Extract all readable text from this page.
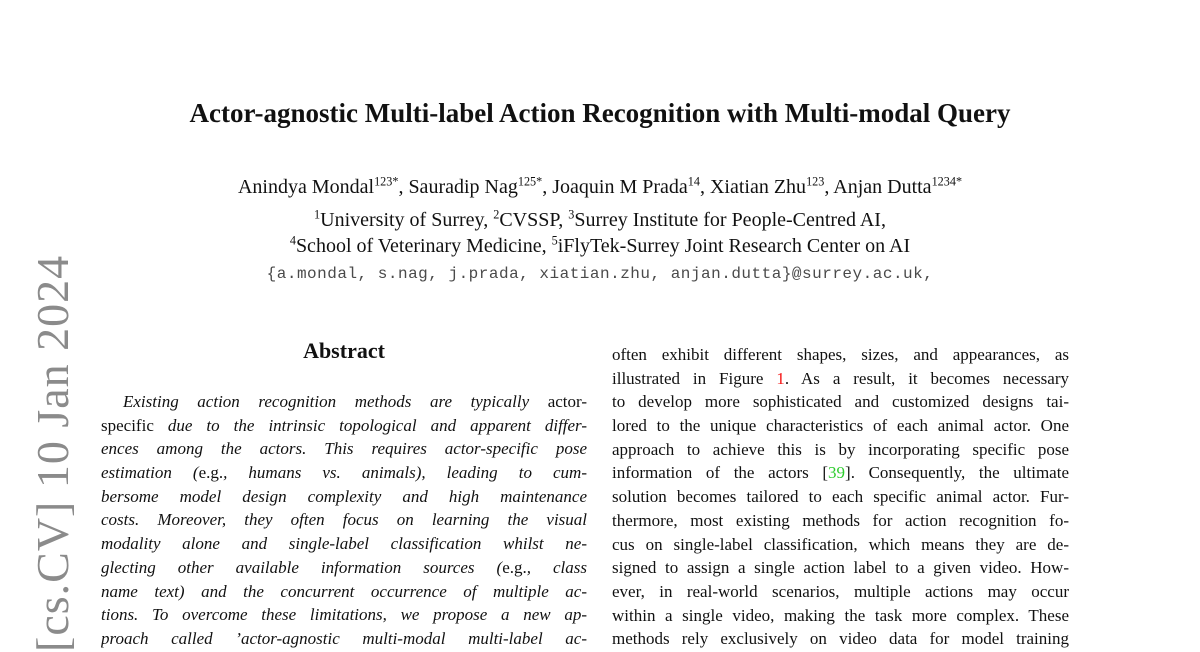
[cs.CV] 10 Jan 2024
Actor-agnostic Multi-label Action Recognition with Multi-modal Query
Anindya Mondal$^{123*}$, Sauradip Nag$^{125*}$, Joaquin M Prada$^{14}$, Xiatian Zhu$^{123}$, Anjan Dutta$^{1234*}$
$^1$University of Surrey, $^2$CVSSP, $^3$Surrey Institute for People-Centred AI,
$^4$School of Veterinary Medicine, $^5$iFlyTek-Surrey Joint Research Center on AI
{a.mondal, s.nag, j.prada, xiatian.zhu, anjan.dutta}@surrey.ac.uk,
Abstract
Existing action recognition methods are typically actor-
specific due to the intrinsic topological and apparent differ-
ences among the actors. This requires actor-specific pose
estimation (e.g., humans vs. animals), leading to cum-
bersome model design complexity and high maintenance
costs. Moreover, they often focus on learning the visual
modality alone and single-label classification whilst ne-
glecting other available information sources (e.g., class
name text) and the concurrent occurrence of multiple ac-
tions. To overcome these limitations, we propose a new ap-
proach called ’actor-agnostic multi-modal multi-label ac-
often exhibit different shapes, sizes, and appearances, as
illustrated in Figure 1. As a result, it becomes necessary
to develop more sophisticated and customized designs tai-
lored to the unique characteristics of each animal actor. One
approach to achieve this is by incorporating specific pose
information of the actors [39]. Consequently, the ultimate
solution becomes tailored to each specific animal actor. Fur-
thermore, most existing methods for action recognition fo-
cus on single-label classification, which means they are de-
signed to assign a single action label to a given video. How-
ever, in real-world scenarios, multiple actions may occur
within a single video, making the task more complex. These
methods rely exclusively on video data for model training
